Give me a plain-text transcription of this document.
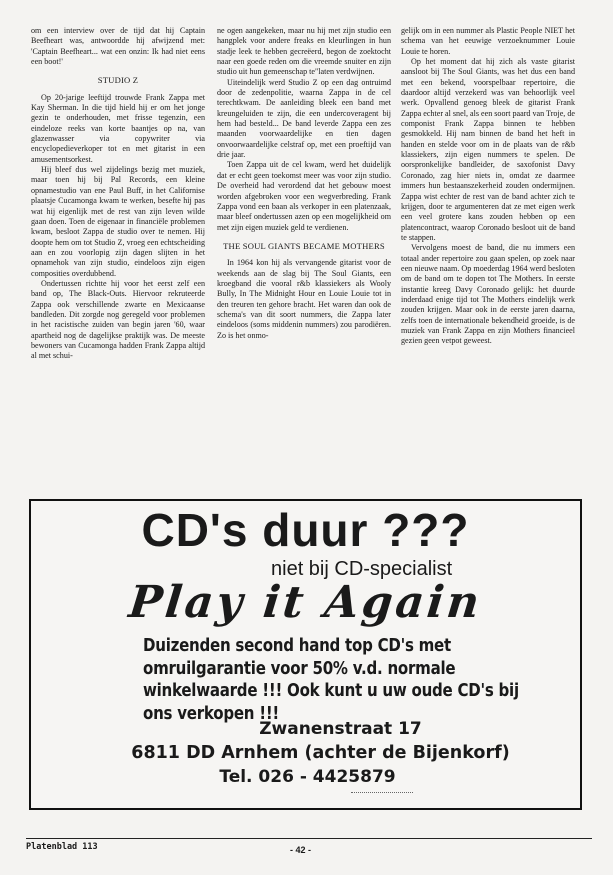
om een interview over de tijd dat hij Captain Beefheart was, antwoordde hij afwijzend met: 'Captain Beefheart... wat een onzin: Ik had niet eens een boot!'

STUDIO Z

Op 20-jarige leeftijd trouwde Frank Zappa met Kay Sherman. In die tijd hield hij er om het jonge gezin te onderhouden, met frisse tegenzin, een eindeloze reeks van korte baantjes op na, van glazenwasser via copywriter via encyclopedieverkoper tot en met gitarist in een amusementsorkest.

Hij bleef dus wel zijdelings bezig met muziek, maar toen hij bij Pal Records, een kleine opnamestudio van ene Paul Buff, in het Californise plaatsje Cucamonga kwam te werken, besefte hij pas wat hij eigenlijk met de rest van zijn leven wilde gaan doen. Toen de eigenaar in financiële problemen kwam, besloot Zappa de studio over te nemen. Hij doopte hem om tot Studio Z, vroeg een echtscheiding aan en zou voorlopig zijn dagen slijten in het opnamehok van zijn studio, eindeloos zijn eigen composities overdubbend.

Ondertussen richtte hij voor het eerst zelf een band op, The Black-Outs. Hiervoor rekruteerde Zappa ook verschillende zwarte en Mexicaanse bandleden. Dit zorgde nog geregeld voor problemen in het racistische zuiden van begin jaren '60, waar apartheid nog de dagelijkse praktijk was. De meeste bewoners van Cucamonga hadden Frank Zappa altijd al met schui-

ne ogen aangekeken, maar nu hij met zijn studio een hangplek voor andere freaks en kleurlingen in hun stadje leek te hebben gecreëerd, begon de zoektocht naar een goede reden om die vreemde snuiter en zijn studio uit hun gemeenschap te"laten verdwijnen.

Uiteindelijk werd Studio Z op een dag ontruimd door de zedenpolitie, waarna Zappa in de cel terechtkwam. De aanleiding bleek een band met kreungeluiden te zijn, die een undercoveragent bij hem had besteld... De band leverde Zappa een zes maanden voorwaardelijke en tien dagen onvoorwaardelijke celstraf op, met een proeftijd van drie jaar.

Toen Zappa uit de cel kwam, werd het duidelijk dat er echt geen toekomst meer was voor zijn studio. De overheid had verordend dat het gebouw moest worden afgebroken voor een wegverbreding. Frank Zappa vond een baan als verkoper in een platenzaak, maar bleef ondertussen azen op een mogelijkheid om met zijn eigen muziek geld te verdienen.

THE SOUL GIANTS BECAME MOTHERS

In 1964 kon hij als vervangende gitarist voor de weekends aan de slag bij The Soul Giants, een kroegband die vooral r&b klassiekers als Wooly Bully, In The Midnight Hour en Louie Louie tot in den treuren ten gehore bracht. Het waren dan ook de schema's van dit soort nummers, die Zappa later eindeloos (soms middenin nummers) zou parodiëren. Zo is het onmo-

gelijk om in een nummer als Plastic People NIET het schema van het eeuwige verzoeknummer Louie Louie te horen.

Op het moment dat hij zich als vaste gitarist aansloot bij The Soul Giants, was het dus een band met een bekend, voorspelbaar repertoire, die daardoor altijd verzekerd was van behoorlijk veel werk. Opvallend genoeg bleek de gitarist Frank Zappa echter al snel, als een soort paard van Troje, de componist Frank Zappa binnen te hebben gesmokkeld. Hij nam binnen de band het heft in handen en stelde voor om in de plaats van de r&b klassiekers, zijn eigen nummers te spelen. De oorspronkelijke bandleider, de saxofonist Davy Coronado, zag hier niets in, omdat ze daarmee immers hun bestaanszekerheid zouden ondermijnen. Zappa wist echter de rest van de band achter zich te krijgen, door te argumenteren dat ze met eigen werk een veel grotere kans zouden hebben op een platencontract, waarop Coronado besloot uit de band te stappen.

Vervolgens moest de band, die nu immers een totaal ander repertoire zou gaan spelen, op zoek naar een nieuwe naam. Op moederdag 1964 werd besloten om de band om te dopen tot The Mothers. In eerste instantie kreeg Davy Coronado gelijk: het duurde inderdaad enige tijd tot The Mothers eindelijk werk zouden krijgen. Maar ook in de eerste jaren daarna, zelfs toen de internationale bekendheid groeide, is de muziek van Frank Zappa en zijn Mothers financieel gezien geen vetpot geweest.

CD's duur ???
niet bij CD-specialist
Play it Again
Duizenden second hand top CD's met omruilgarantie voor 50% v.d. normale winkelwaarde !!! Ook kunt u uw oude CD's bij ons verkopen !!!
Zwanenstraat 17
6811 DD Arnhem (achter de Bijenkorf)
Tel. 026 - 4425879
Platenblad 113	- 42 -
